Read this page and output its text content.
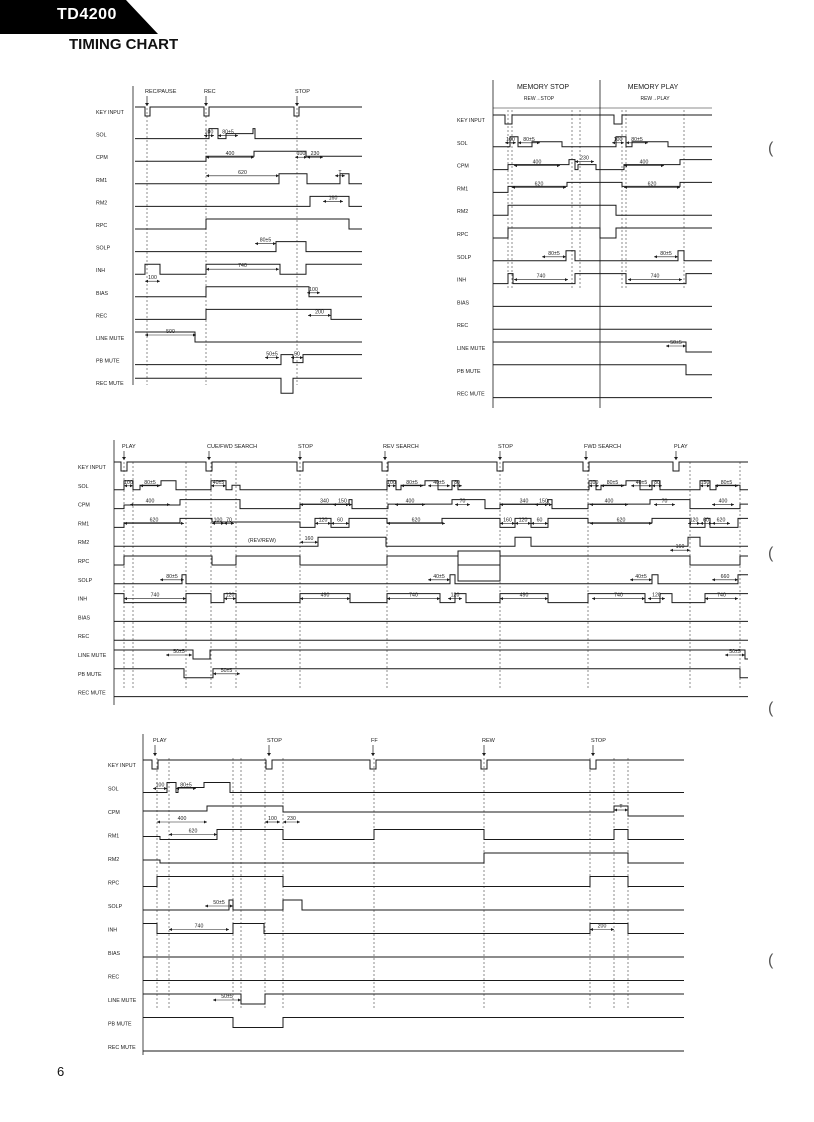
TD4200
TIMING CHART
6
(
(
(
(
KEY INPUT
SOL
CPM
RM1
RM2
RPC
SOLP
INH
BIAS
REC
LINE MUTE
PB MUTE
REC MUTE
REC/PAUSE	REC	STOP
100 80±5
400	100 230
620	T
160
80±5
740
100
100
200
500
50±5	50
KEY INPUT
SOL
CPM
RM1
RM2
RPC
SOLP
INH
BIAS
REC
LINE MUTE
PB MUTE
REC MUTE
MEMORY STOP	MEMORY PLAY
REW→STOP	REW→PLAY
100 80±5
230
100 80±5
400	400
620	620
80±5	80±5
740	740
50±5
KEY INPUT
SOL
CPM
RM1
RM2
RPC
SOLP
INH
BIAS
REC
LINE MUTE
PB MUTE
REC MUTE
PLAY	CUE/FWD SEARCH	STOP	REV SEARCH	STOP	FWD SEARCH	PLAY
100 80±5	40±5	100 80±5	40±5 80	100 80±5	40±5 80	150 80±5
400	340 150	400	70	340 150	400	70	400
620	100 70	120 60	620	160 120 60	620	120 60 620
(REV/REW)	160
160
80±5	40±5	40±5	660
740	120	490	740	120	490	740	120	740
50±5	50±5
50±5
KEY INPUT
SOL
CPM
RM1
RM2
RPC
SOLP
INH
BIAS
REC
LINE MUTE
PB MUTE
REC MUTE
PLAY	STOP	FF	REW	STOP
100	80±5
400	100 230
620
T
50±5
740	200
50±5
